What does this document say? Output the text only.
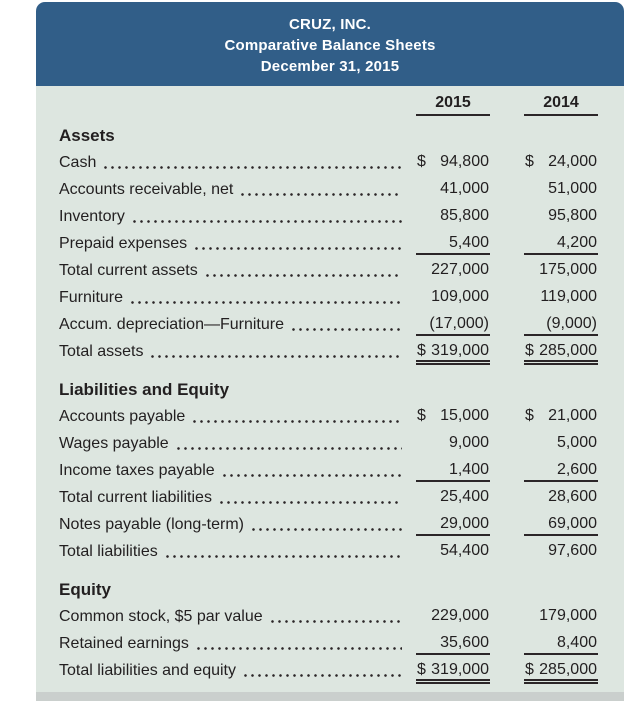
CRUZ, INC.
Comparative Balance Sheets
December 31, 2015
2015	2014
Assets
Cash	$ 94,800 $ 24,000
Accounts receivable, net	41,000	51,000
Inventory	85,800	95,800
Prepaid expenses	5,400	4,200
Total current assets	227,000	175,000
Furniture	109,000	119,000
Accum. depreciation—Furniture	(17,000)	(9,000)
Total assets	$ 319,000 $ 285,000
Liabilities and Equity
Accounts payable	$ 15,000 $ 21,000
Wages payable	9,000	5,000
Income taxes payable	1,400	2,600
Total current liabilities	25,400	28,600
Notes payable (long-term)	29,000	69,000
Total liabilities	54,400	97,600
Equity
Common stock, $5 par value	229,000	179,000
Retained earnings	35,600	8,400
Total liabilities and equity	$ 319,000 $ 285,000
